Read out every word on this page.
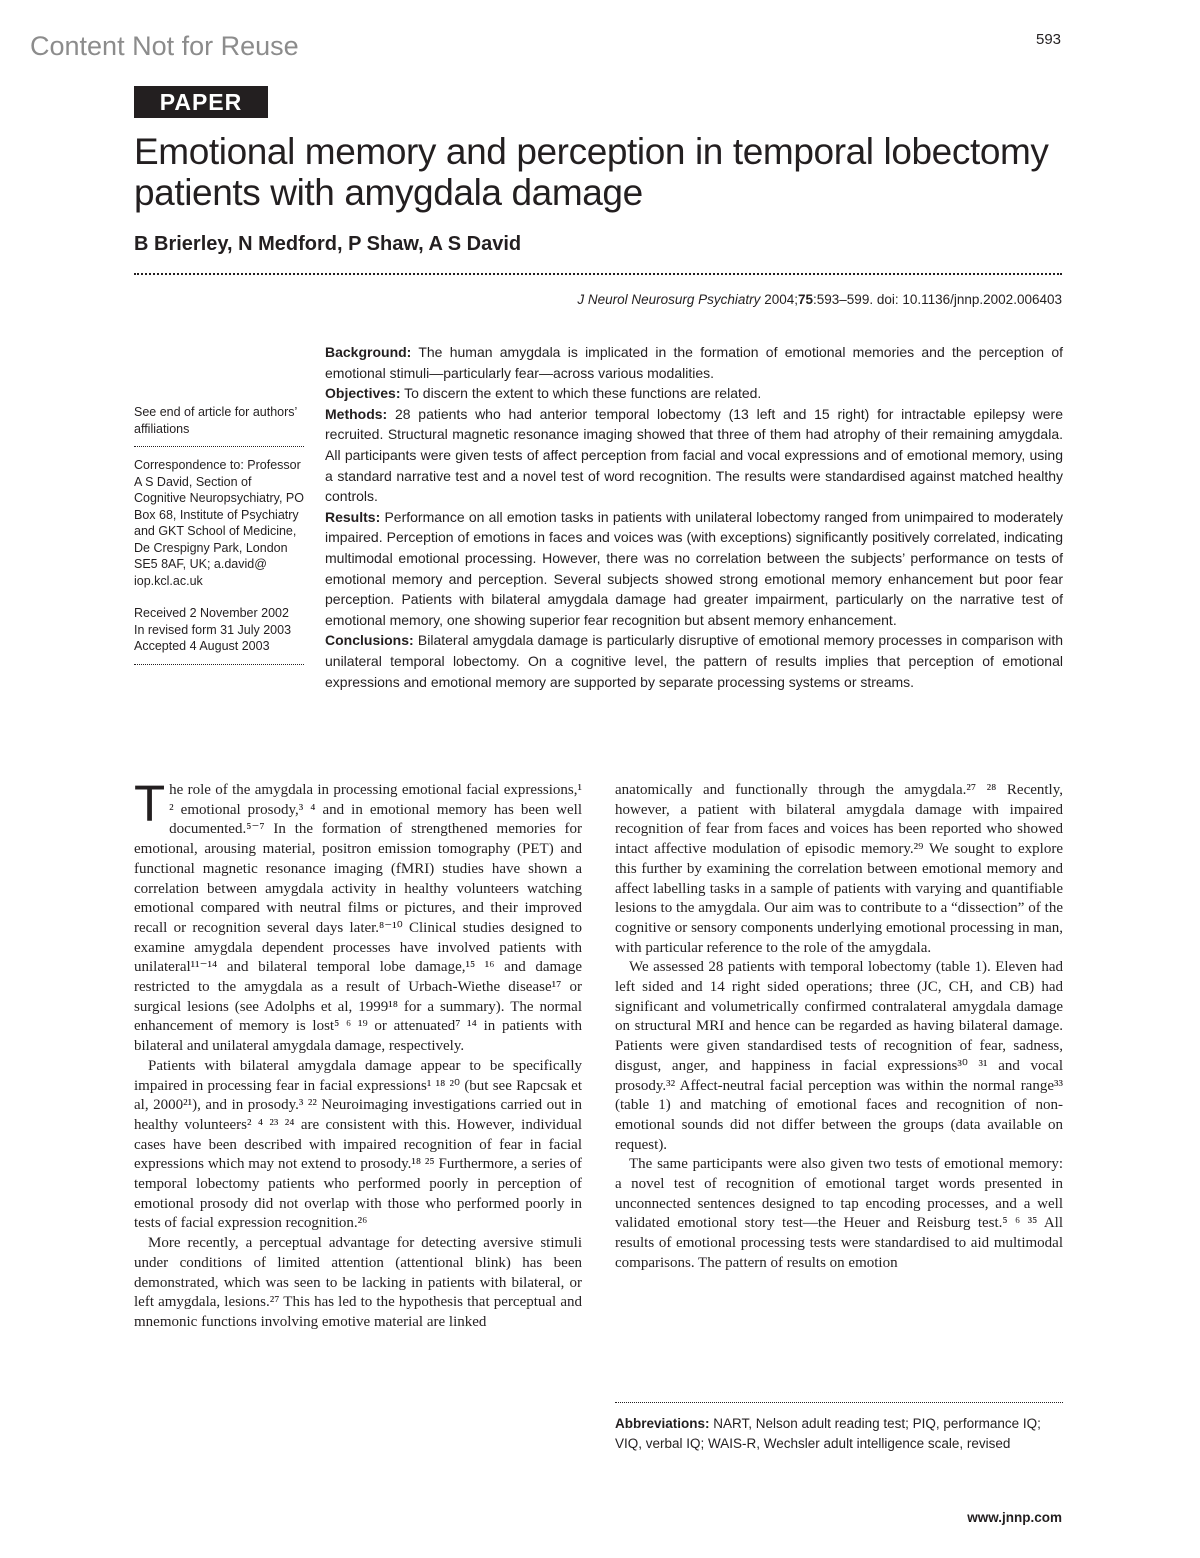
Content Not for Reuse	593
PAPER
Emotional memory and perception in temporal lobectomy patients with amygdala damage
B Brierley, N Medford, P Shaw, A S David
J Neurol Neurosurg Psychiatry 2004;75:593–599. doi: 10.1136/jnnp.2002.006403

See end of article for authors’ affiliations

Correspondence to: Professor A S David, Section of Cognitive Neuropsychiatry, PO Box 68, Institute of Psychiatry and GKT School of Medicine, De Crespigny Park, London SE5 8AF, UK; a.david@ iop.kcl.ac.uk

Received 2 November 2002

In revised form 31 July 2003

Accepted 4 August 2003

Background: The human amygdala is implicated in the formation of emotional memories and the perception of emotional stimuli—particularly fear—across various modalities.

Objectives: To discern the extent to which these functions are related.

Methods: 28 patients who had anterior temporal lobectomy (13 left and 15 right) for intractable epilepsy were recruited. Structural magnetic resonance imaging showed that three of them had atrophy of their remaining amygdala. All participants were given tests of affect perception from facial and vocal expressions and of emotional memory, using a standard narrative test and a novel test of word recognition. The results were standardised against matched healthy controls.

Results: Performance on all emotion tasks in patients with unilateral lobectomy ranged from unimpaired to moderately impaired. Perception of emotions in faces and voices was (with exceptions) significantly positively correlated, indicating multimodal emotional processing. However, there was no correlation between the subjects’ performance on tests of emotional memory and perception. Several subjects showed strong emotional memory enhancement but poor fear perception. Patients with bilateral amygdala damage had greater impairment, particularly on the narrative test of emotional memory, one showing superior fear recognition but absent memory enhancement.

Conclusions: Bilateral amygdala damage is particularly disruptive of emotional memory processes in comparison with unilateral temporal lobectomy. On a cognitive level, the pattern of results implies that perception of emotional expressions and emotional memory are supported by separate processing systems or streams.

The role of the amygdala in processing emotional facial expressions,¹ ² emotional prosody,³ ⁴ and in emotional memory has been well documented.⁵⁻⁷ In the formation of strengthened memories for emotional, arousing material, positron emission tomography (PET) and functional magnetic resonance imaging (fMRI) studies have shown a correlation between amygdala activity in healthy volunteers watching emotional compared with neutral films or pictures, and their improved recall or recognition several days later.⁸⁻¹⁰ Clinical studies designed to examine amygdala dependent processes have involved patients with unilateral¹¹⁻¹⁴ and bilateral temporal lobe damage,¹⁵ ¹⁶ and damage restricted to the amygdala as a result of Urbach-Wiethe disease¹⁷ or surgical lesions (see Adolphs et al, 1999¹⁸ for a summary). The normal enhancement of memory is lost⁵ ⁶ ¹⁹ or attenuated⁷ ¹⁴ in patients with bilateral and unilateral amygdala damage, respectively.

Patients with bilateral amygdala damage appear to be specifically impaired in processing fear in facial expressions¹ ¹⁸ ²⁰ (but see Rapcsak et al, 2000²¹), and in prosody.³ ²² Neuroimaging investigations carried out in healthy volunteers² ⁴ ²³ ²⁴ are consistent with this. However, individual cases have been described with impaired recognition of fear in facial expressions which may not extend to prosody.¹⁸ ²⁵ Furthermore, a series of temporal lobectomy patients who performed poorly in perception of emotional prosody did not overlap with those who performed poorly in tests of facial expression recognition.²⁶

More recently, a perceptual advantage for detecting aversive stimuli under conditions of limited attention (attentional blink) has been demonstrated, which was seen to be lacking in patients with bilateral, or left amygdala, lesions.²⁷ This has led to the hypothesis that perceptual and mnemonic functions involving emotive material are linked

anatomically and functionally through the amygdala.²⁷ ²⁸ Recently, however, a patient with bilateral amygdala damage with impaired recognition of fear from faces and voices has been reported who showed intact affective modulation of episodic memory.²⁹ We sought to explore this further by examining the correlation between emotional memory and affect labelling tasks in a sample of patients with varying and quantifiable lesions to the amygdala. Our aim was to contribute to a “dissection” of the cognitive or sensory components underlying emotional processing in man, with particular reference to the role of the amygdala.

We assessed 28 patients with temporal lobectomy (table 1). Eleven had left sided and 14 right sided operations; three (JC, CH, and CB) had significant and volumetrically confirmed contralateral amygdala damage on structural MRI and hence can be regarded as having bilateral damage. Patients were given standardised tests of recognition of fear, sadness, disgust, anger, and happiness in facial expressions³⁰ ³¹ and vocal prosody.³² Affect-neutral facial perception was within the normal range³³ (table 1) and matching of emotional faces and recognition of non-emotional sounds did not differ between the groups (data available on request).

The same participants were also given two tests of emotional memory: a novel test of recognition of emotional target words presented in unconnected sentences designed to tap encoding processes, and a well validated emotional story test—the Heuer and Reisburg test.⁵ ⁶ ³⁵ All results of emotional processing tests were standardised to aid multimodal comparisons. The pattern of results on emotion

Abbreviations: NART, Nelson adult reading test; PIQ, performance IQ; VIQ, verbal IQ; WAIS-R, Wechsler adult intelligence scale, revised

www.jnnp.com
